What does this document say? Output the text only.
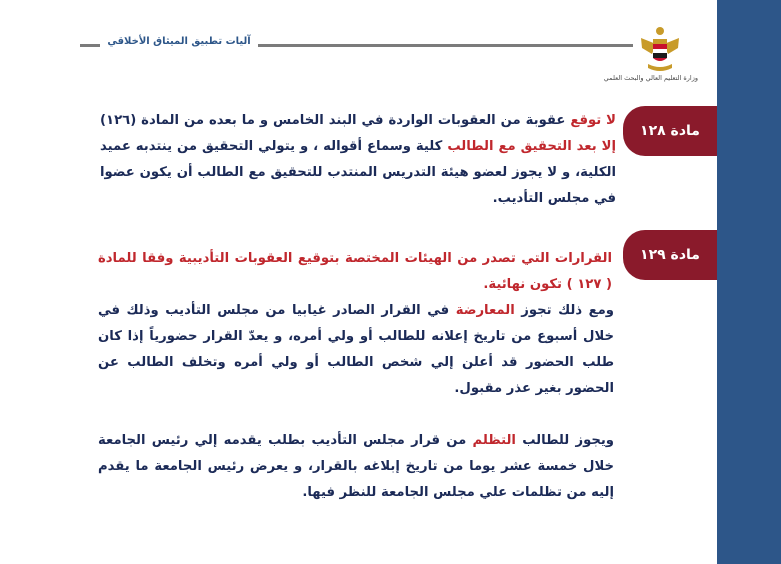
القوانين التي يخضع لها الطالب
آليات تطبيق الميثاق الأخلاقي
وزارة التعليم العالي والبحث العلمي
مادة ١٢٨

لا توقع عقوبة من العقوبات الواردة في البند الخامس و ما بعده من المادة (١٢٦) إلا بعد التحقيق مع الطالب كلية وسماع أقواله ، و يتولي التحقيق من ينتدبه عميد الكلية، و لا يجوز لعضو هيئة التدريس المنتدب للتحقيق مع الطالب أن يكون عضوا في مجلس التأديب.

مادة ١٢٩

القرارات التي تصدر من الهيئات المختصة بتوقيع العقوبات التأديبية وفقا للمادة ( ١٢٧ ) تكون نهائية.

ومع ذلك تجوز المعارضة في القرار الصادر غيابيا من مجلس التأديب وذلك في خلال أسبوع من تاريخ إعلانه للطالب أو ولي أمره، و يعدّ القرار حضورياً إذا كان طلب الحضور قد أعلن إلي شخص الطالب أو ولي أمره وتخلف الطالب عن الحضور بغير عذر مقبول.

ويجوز للطالب التظلم من قرار مجلس التأديب بطلب يقدمه إلي رئيس الجامعة خلال خمسة عشر يوما من تاريخ إبلاغه بالقرار، و يعرض رئيس الجامعة ما يقدم إليه من تظلمات علي مجلس الجامعة للنظر فيها.
